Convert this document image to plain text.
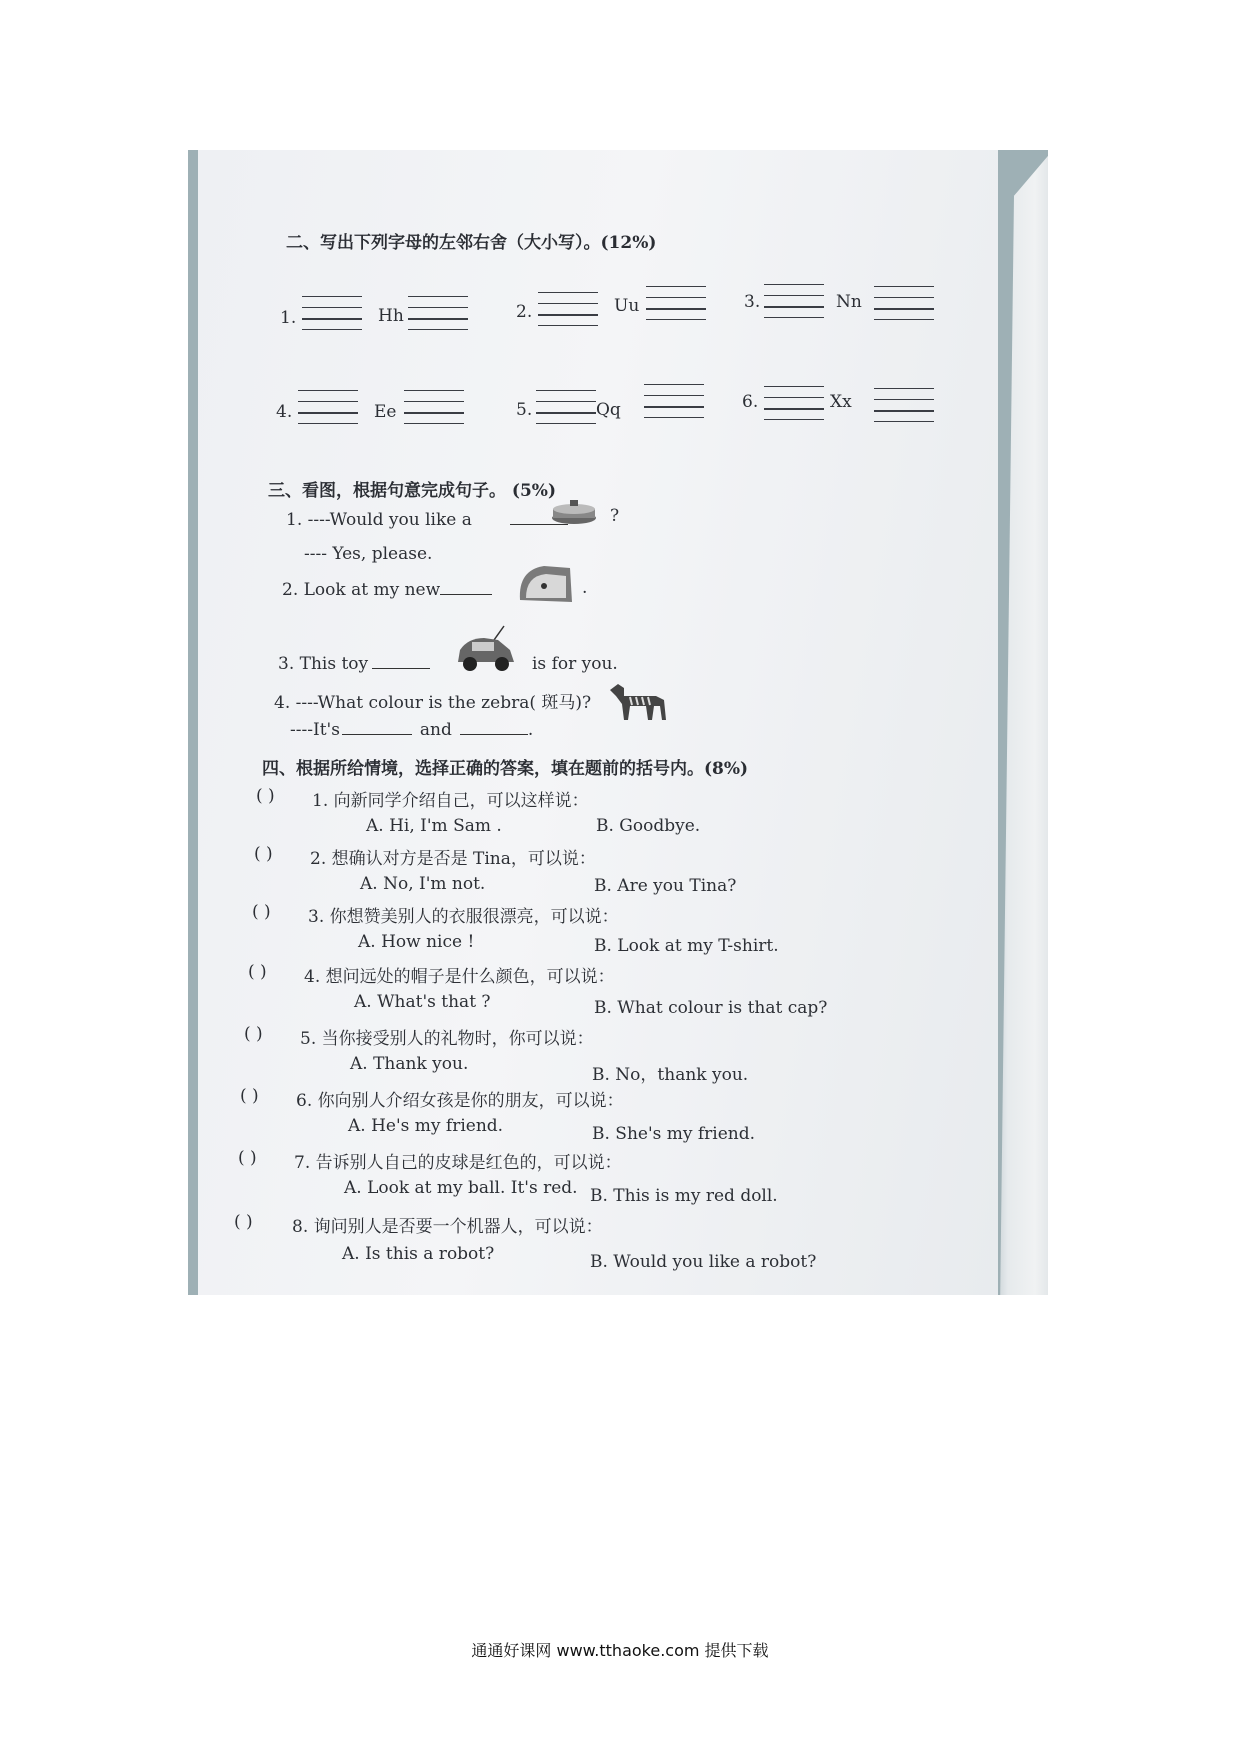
二、写出下列字母的左邻右舍（大小写）。(12%)
1.	Hh	2.	Uu	3.	Nn
4.	Ee	5.	Qq	6.	Xx
三、看图，根据句意完成句子。 (5%)
1. ----Would you like a	?
---- Yes, please.
2. Look at my new	.
3. This toy	is for you.
4. ----What colour is the zebra( 斑马)?
----It's	and	.
四、根据所给情境，选择正确的答案，填在题前的括号内。(8%)
( ) 1. 向新同学介绍自己，可以这样说：
A. Hi, I'm Sam .	B. Goodbye.
( ) 2. 想确认对方是否是 Tina，可以说：
A. No, I'm not.	B. Are you Tina?
( ) 3. 你想赞美别人的衣服很漂亮，可以说：
A. How nice !	B. Look at my T-shirt.
( ) 4. 想问远处的帽子是什么颜色，可以说：
A. What's that ?	B. What colour is that cap?
( ) 5. 当你接受别人的礼物时，你可以说：
A. Thank you.
B. No，thank you.
( ) 6. 你向别人介绍女孩是你的朋友，可以说：
A. He's my friend.	B. She's my friend.
( ) 7. 告诉别人自己的皮球是红色的，可以说：
A. Look at my ball. It's red. B. This is my red doll.
( ) 8. 询问别人是否要一个机器人，可以说：
A. Is this a robot?	B. Would you like a robot?
通通好课网 www.tthaoke.com 提供下载
